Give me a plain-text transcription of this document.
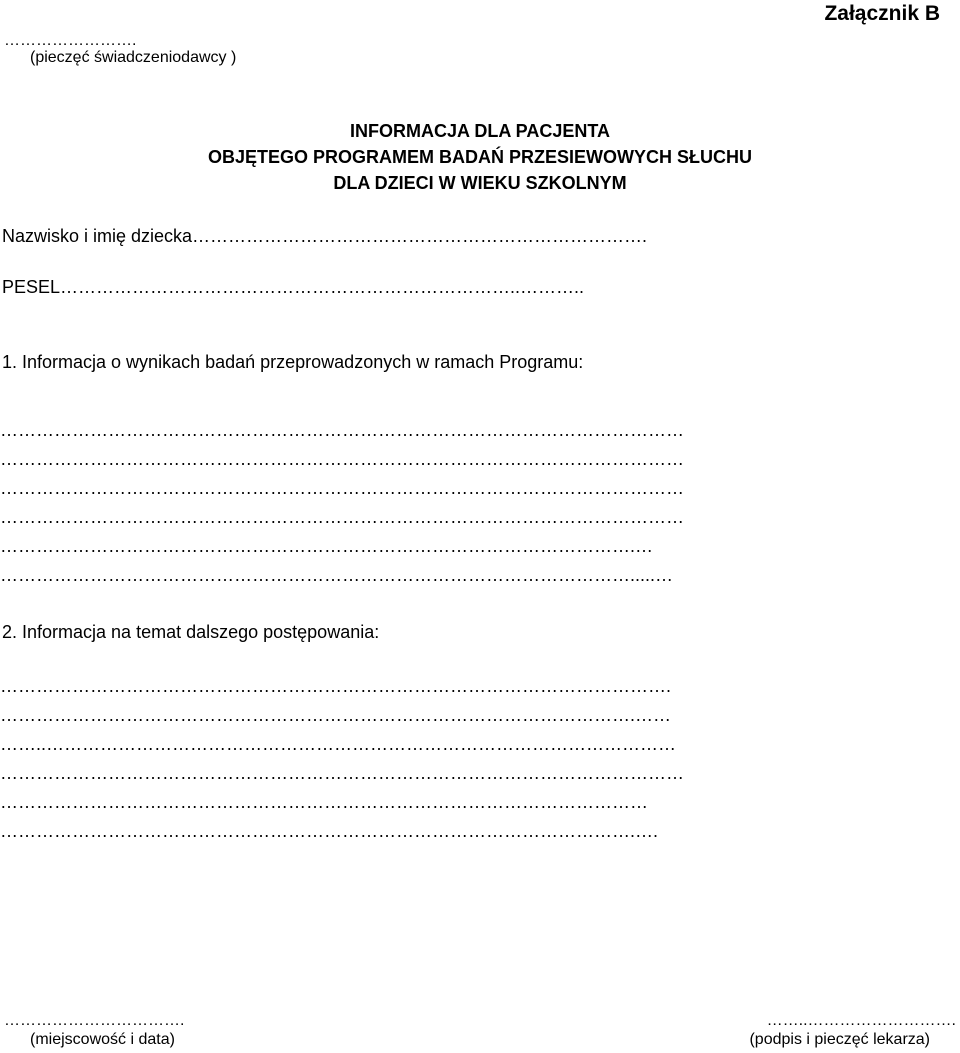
…………………….
(pieczęć świadczeniodawcy )
Załącznik B
INFORMACJA DLA PACJENTA
OBJĘTEGO PROGRAMEM BADAŃ PRZESIEWOWYCH SŁUCHU
DLA DZIECI W WIEKU SZKOLNYM
Nazwisko i imię dziecka………………………………………………………………….
PESEL…………………………………………………………………..………..
1. Informacja o wynikach badań przeprowadzonych w ramach Programu:
……………………………………………………………………………………………………
……………………………………………………………………………………………………
……………………………………………………………………………………………………
……………………………………………………………………………………………………
…………………………………………………………………………………………….…
…………………………………………………………………………………………….....…
2. Informacja na temat dalszego postępowania:
………………………………………………………………………………………………….
…………………………………………………………………………………………….……
……..……………………………………………………………………………………………
……………………………………………………………………………………………………
………………………………………………………………………………………………
…………………………………………………………………………………………….….
…………………………….
(miejscowość i data)
……..……………………….
(podpis i pieczęć lekarza)
